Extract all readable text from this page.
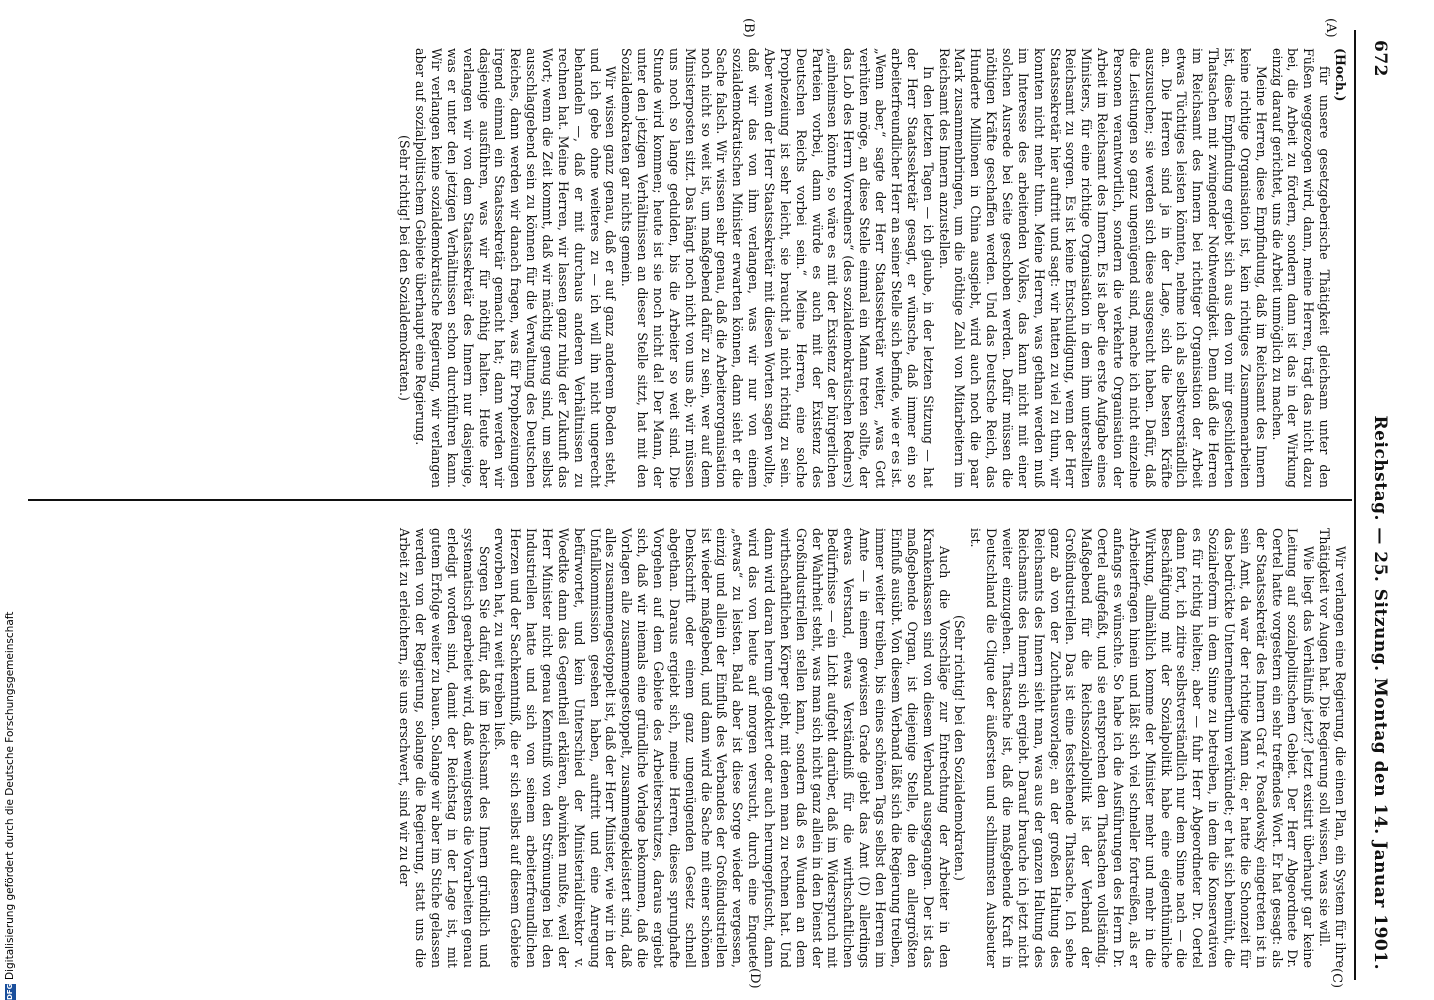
672
Reichstag. — 25. Sitzung. Montag den 14. Januar 1901.
(A)
(B)
(C)
(D)

(Hoch.)

für unsere gesetzgeberische Thätigkeit gleichsam unter den Füßen weggezogen wird, dann, meine Herren, trägt das nicht dazu bei, die Arbeit zu fördern, sondern dann ist das in der Wirkung einzig darauf gerichtet, uns die Arbeit unmöglich zu machen.

Meine Herren, diese Empfindung, daß im Reichsamt des Innern keine richtige Organisation ist, kein richtiges Zusammenarbeiten ist, diese Empfindung ergiebt sich aus den von mir geschilderten Thatsachen mit zwingender Nothwendigkeit. Denn daß die Herren im Reichsamt des Innern bei richtiger Organisation der Arbeit etwas Tüchtiges leisten könnten, nehme ich als selbstverständlich an. Die Herren sind ja in der Lage, sich die besten Kräfte auszusuchen; sie werden sich diese ausgesucht haben. Dafür, daß die Leistungen so ganz ungenügend sind, mache ich nicht einzelne Personen verantwortlich, sondern die verkehrte Organisation der Arbeit im Reichsamt des Innern. Es ist aber die erste Aufgabe eines Ministers, für eine richtige Organisation in dem ihm unterstellten Reichsamt zu sorgen. Es ist keine Entschuldigung, wenn der Herr Staatssekretär hier auftritt und sagt: wir hatten zu viel zu thun, wir konnten nicht mehr thun. Meine Herren, was gethan werden muß im Interesse des arbeitenden Volkes, das kann nicht mit einer solchen Ausrede bei Seite geschoben werden. Dafür müssen die nöthigen Kräfte geschaffen werden. Und das Deutsche Reich, das Hunderte Millionen in China ausgiebt, wird auch noch die paar Mark zusammenbringen, um die nöthige Zahl von Mitarbeitern im Reichsamt des Innern anzustellen.

In den letzten Tagen — ich glaube, in der letzten Sitzung — hat der Herr Staatssekretär gesagt, er wünsche, daß immer ein so arbeiterfreundlicher Herr an seiner Stelle sich befinde, wie er es ist. „Wenn aber,“ sagte der Herr Staatssekretär weiter, „was Gott verhüten möge, an diese Stelle einmal ein Mann treten sollte, der das Lob des Herrn Vorredners“ (des sozialdemokratischen Redners) „einheimsen könnte, so wäre es mit der Existenz der bürgerlichen Parteien vorbei, dann würde es auch mit der Existenz des Deutschen Reichs vorbei sein.“ Meine Herren, eine solche Prophezeiung ist sehr leicht, sie braucht ja nicht richtig zu sein. Aber wenn der Herr Staatssekretär mit diesen Worten sagen wollte, daß wir das von ihm verlangen, was wir nur von einem sozialdemokratischen Minister erwarten können, dann sieht er die Sache falsch. Wir wissen sehr genau, daß die Arbeiterorganisation noch nicht so weit ist, um maßgebend dafür zu sein, wer auf dem Ministerposten sitzt. Das hängt noch nicht von uns ab; wir müssen uns noch so lange gedulden, bis die Arbeiter so weit sind. Die Stunde wird kommen; heute ist sie noch nicht da! Der Mann, der unter den jetzigen Verhältnissen an dieser Stelle sitzt, hat mit den Sozialdemokraten gar nichts gemein.

Wir wissen ganz genau, daß er auf ganz anderem Boden steht, und ich gebe ohne weiteres zu — ich will ihn nicht ungerecht behandeln —, daß er mit durchaus anderen Verhältnissen zu rechnen hat. Meine Herren, wir lassen ganz ruhig der Zukunft das Wort; wenn die Zeit kommt, daß wir mächtig genug sind, um selbst ausschlaggebend sein zu können für die Verwaltung des Deutschen Reiches, dann werden wir danach fragen, was für Prophezeiungen irgend einmal ein Staatssekretär gemacht hat; dann werden wir dasjenige ausführen, was wir für nöthig halten. Heute aber verlangen wir von dem Staatssekretär des Innern nur dasjenige, was er unter den jetzigen Verhältnissen schon durchführen kann. Wir verlangen keine sozialdemokratische Regierung, wir verlangen aber auf sozialpolitischem Gebiete überhaupt eine Regierung.

(Sehr richtig! bei den Sozialdemokraten.)

Wir verlangen eine Regierung, die einen Plan, ein System für ihre Thätigkeit vor Augen hat. Die Regierung soll wissen, was sie will.

Wie liegt das Verhältniß jetzt? Jetzt existirt überhaupt gar keine Leitung auf sozialpolitischem Gebiet. Der Herr Abgeordnete Dr. Oertel hatte vorgestern ein sehr treffendes Wort. Er hat gesagt: als der Staatssekretär des Innern Graf v. Posadowsky eingetreten ist in sein Amt, da war der richtige Mann da; er hatte die Schonzeit für das bedrückte Unternehmerthum verkündet; er hat sich bemüht, die Sozialreform in dem Sinne zu betreiben, in dem die Konservativen es für richtig hielten; aber — fuhr Herr Abgeordneter Dr. Oertel dann fort, ich zitire selbstverständlich nur dem Sinne nach — die Beschäftigung mit der Sozialpolitik habe eine eigenthümliche Wirkung, allmählich komme der Minister mehr und mehr in die Arbeiterfragen hinein und läßt sich viel schneller fortreißen, als er anfangs es wünschte. So habe ich die Ausführungen des Herrn Dr. Oertel aufgefaßt, und sie entsprechen den Thatsachen vollständig. Maßgebend für die Reichssozialpolitik ist der Verband der Großindustriellen. Das ist eine feststehende Thatsache. Ich sehe ganz ab von der Zuchthausvorlage; an der großen Haltung des Reichsamts des Innern sieht man, was aus der ganzen Haltung des Reichsamts des Innern sich ergiebt. Darauf brauche ich jetzt nicht weiter einzugehen. Thatsache ist, daß die maßgebende Kraft in Deutschland die Clique der äußersten und schlimmsten Ausbeuter ist.

(Sehr richtig! bei den Sozialdemokraten.)

Auch die Vorschläge zur Entrechtung der Arbeiter in den Krankenkassen sind von diesem Verband ausgegangen. Der ist das maßgebende Organ, ist diejenige Stelle, die den allergrößten Einfluß ausübt. Von diesem Verband läßt sich die Regierung treiben, immer weiter treiben, bis eines schönen Tags selbst den Herren im Amte — in einem gewissen Grade giebt das Amt (D) allerdings etwas Verstand, etwas Verständniß für die wirthschaftlichen Bedürfnisse — ein Licht aufgeht darüber, daß im Widerspruch mit der Wahrheit steht, was man sich nicht ganz allein in den Dienst der Großindustriellen stellen kann, sondern daß es Wunden an dem wirthschaftlichen Körper giebt, mit denen man zu rechnen hat. Und dann wird daran herum gedoktert oder auch herumgepfuscht, dann wird das von heute auf morgen versucht, durch eine Enquete „etwas“ zu leisten. Bald aber ist diese Sorge wieder vergessen, einzig und allein der Einfluß des Verbandes der Großindustriellen ist wieder maßgebend, und dann wird die Sache mit einer schönen Denkschrift oder einem ganz ungenügenden Gesetz schnell abgethan. Daraus ergiebt sich, meine Herren, dieses sprunghafte Vorgehen auf dem Gebiete des Arbeiterschutzes, daraus ergiebt sich, daß wir niemals eine gründliche Vorlage bekommen, daß die Vorlagen alle zusammengestoppelt, zusammengekleistert sind, daß alles zusammengestoppelt ist, daß der Herr Minister, wie wir in der Unfallkommission gesehen haben, auftritt und eine Anregung befürwortet, und kein Unterschied der Ministerialdirektor v. Woedtke dann das Gegentheil erklären, abwinken mußte, weil der Herr Minister nicht genau Kenntniß von den Strömungen bei den Industriellen hatte und sich von seinem arbeiterfreundlichen Herzen und der Sachkenntniß, die er sich selbst auf diesem Gebiete erworben hat, zu weit treiben ließ.

Sorgen Sie dafür, daß im Reichsamt des Innern gründlich und systematisch gearbeitet wird, daß wenigstens die Vorarbeiten genau erledigt worden sind, damit der Reichstag in der Lage ist, mit gutem Erfolge weiter zu bauen. Solange wir aber im Stiche gelassen werden von der Regierung, solange die Regierung, statt uns die Arbeit zu erleichtern, sie uns erschwert, sind wir zu der

DFG
Digitalisierung gefördert durch die Deutsche Forschungsgemeinschaft
